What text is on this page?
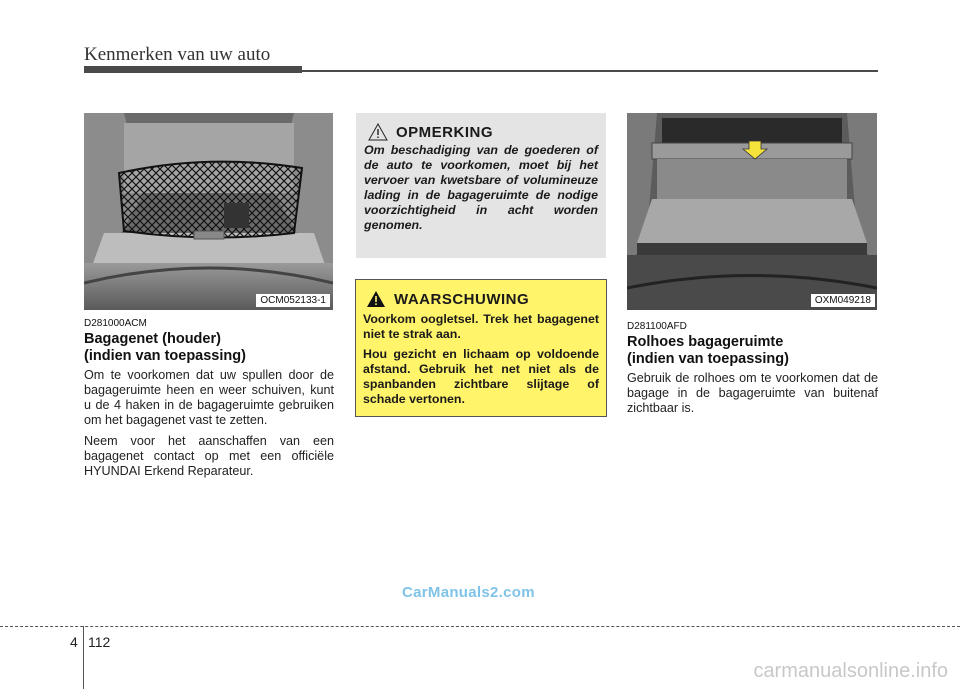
Kenmerken van uw auto
OCM052133-1
D281000ACM
Bagagenet (houder)
(indien van toepassing)

Om te voorkomen dat uw spullen door de bagageruimte heen en weer schuiven, kunt u de 4 haken in de bagageruimte gebruiken om het bagagenet vast te zetten.

Neem voor het aanschaffen van een bagagenet contact op met een officiële HYUNDAI Erkend Reparateur.

OPMERKING
Om beschadiging van de goederen of de auto te voorkomen, moet bij het vervoer van kwetsbare of volumineuze lading in de bagageruimte de nodige voorzichtigheid in acht worden genomen.
WAARSCHUWING

Voorkom oogletsel. Trek het bagagenet niet te strak aan.

Hou gezicht en lichaam op voldoende afstand. Gebruik het net niet als de spanbanden zichtbare slijtage of schade vertonen.

OXM049218
D281100AFD
Rolhoes bagageruimte
(indien van toepassing)

Gebruik de rolhoes om te voorkomen dat de bagage in de bagageruimte van buitenaf zichtbaar is.

CarManuals2.com
4 112
carmanualsonline.info
